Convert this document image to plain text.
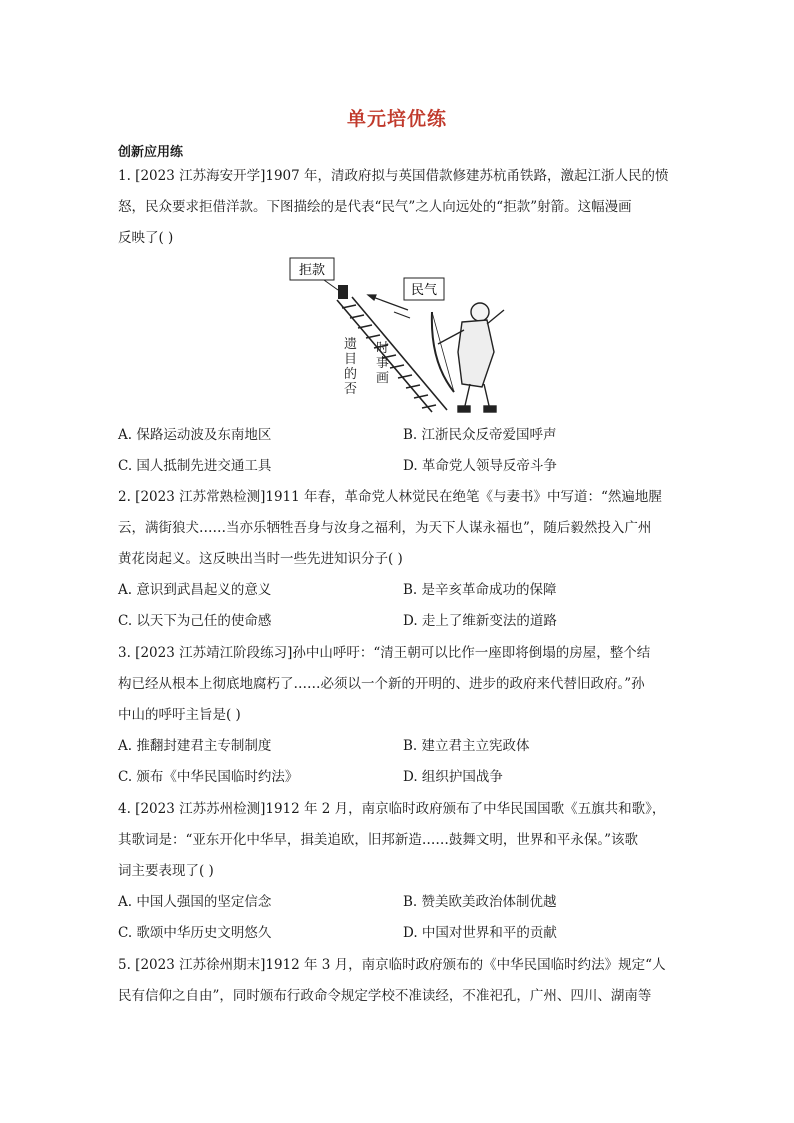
单元培优练
创新应用练
1. [2023 江苏海安开学]1907 年，清政府拟与英国借款修建苏杭甬铁路，激起江浙人民的愤
怒，民众要求拒借洋款。下图描绘的是代表“民气”之人向远处的“拒款”射箭。这幅漫画
反映了( )
拒款
民气
遗 目 的 否
时 事 画
A. 保路运动波及东南地区	B. 江浙民众反帝爱国呼声
C. 国人抵制先进交通工具	D. 革命党人领导反帝斗争
2. [2023 江苏常熟检测]1911 年春，革命党人林觉民在绝笔《与妻书》中写道：“然遍地腥
云，满街狼犬……当亦乐牺牲吾身与汝身之福利，为天下人谋永福也”，随后毅然投入广州
黄花岗起义。这反映出当时一些先进知识分子( )
A. 意识到武昌起义的意义	B. 是辛亥革命成功的保障
C. 以天下为己任的使命感	D. 走上了维新变法的道路
3. [2023 江苏靖江阶段练习]孙中山呼吁：“清王朝可以比作一座即将倒塌的房屋，整个结
构已经从根本上彻底地腐朽了……必须以一个新的开明的、进步的政府来代替旧政府。”孙
中山的呼吁主旨是( )
A. 推翻封建君主专制制度	B. 建立君主立宪政体
C. 颁布《中华民国临时约法》	D. 组织护国战争
4. [2023 江苏苏州检测]1912 年 2 月，南京临时政府颁布了中华民国国歌《五旗共和歌》，
其歌词是：“亚东开化中华早，揖美追欧，旧邦新造……鼓舞文明，世界和平永保。”该歌
词主要表现了( )
A. 中国人强国的坚定信念	B. 赞美欧美政治体制优越
C. 歌颂中华历史文明悠久	D. 中国对世界和平的贡献
5. [2023 江苏徐州期末]1912 年 3 月，南京临时政府颁布的《中华民国临时约法》规定“人
民有信仰之自由”，同时颁布行政命令规定学校不准读经，不准祀孔，广州、四川、湖南等
